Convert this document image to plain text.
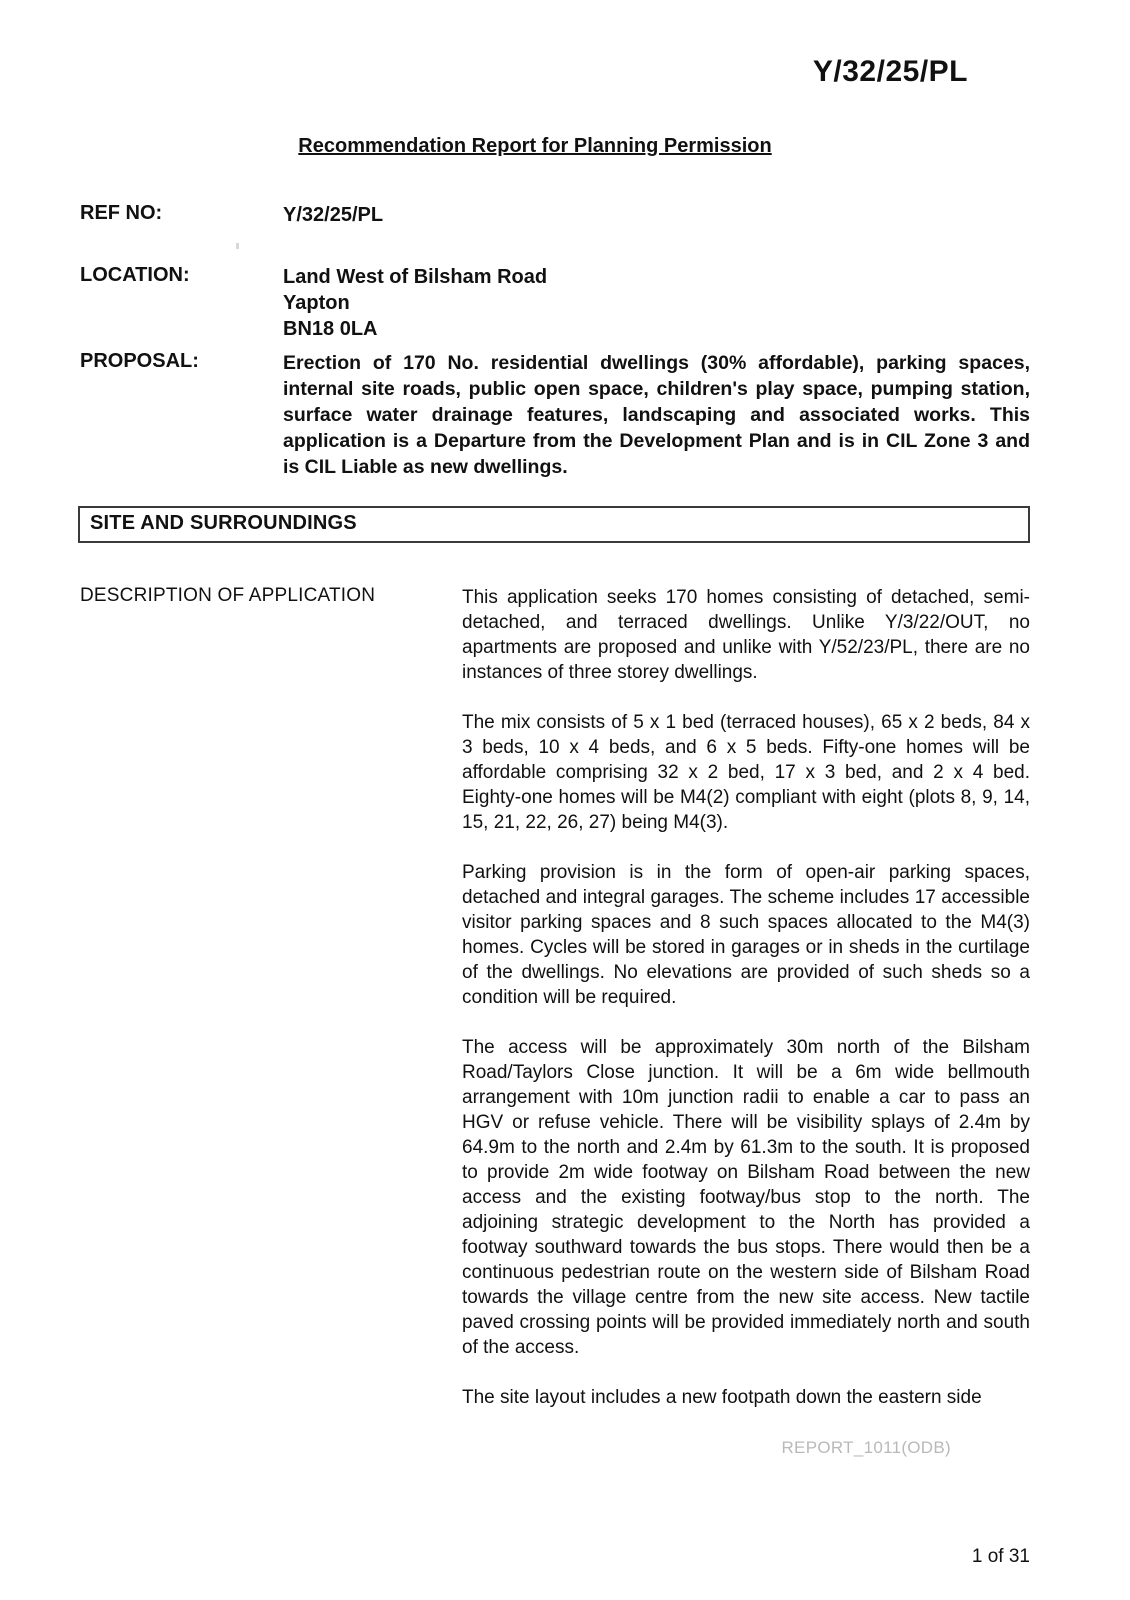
Y/32/25/PL
Recommendation Report for Planning Permission
REF NO:	Y/32/25/PL
LOCATION:	Land West of Bilsham Road
Yapton
BN18 0LA
PROPOSAL:	Erection of 170 No. residential dwellings (30% affordable), parking spaces, internal site roads, public open space, children's play space, pumping station, surface water drainage features, landscaping and associated works. This application is a Departure from the Development Plan and is in CIL Zone 3 and is CIL Liable as new dwellings.
SITE AND SURROUNDINGS
DESCRIPTION OF APPLICATION	This application seeks 170 homes consisting of detached, semi-detached, and terraced dwellings. Unlike Y/3/22/OUT, no apartments are proposed and unlike with Y/52/23/PL, there are no instances of three storey dwellings.

The mix consists of 5 x 1 bed (terraced houses), 65 x 2 beds, 84 x 3 beds, 10 x 4 beds, and 6 x 5 beds. Fifty-one homes will be affordable comprising 32 x 2 bed, 17 x 3 bed, and 2 x 4 bed. Eighty-one homes will be M4(2) compliant with eight (plots 8, 9, 14, 15, 21, 22, 26, 27) being M4(3).

Parking provision is in the form of open-air parking spaces, detached and integral garages. The scheme includes 17 accessible visitor parking spaces and 8 such spaces allocated to the M4(3) homes. Cycles will be stored in garages or in sheds in the curtilage of the dwellings. No elevations are provided of such sheds so a condition will be required.

The access will be approximately 30m north of the Bilsham Road/Taylors Close junction. It will be a 6m wide bellmouth arrangement with 10m junction radii to enable a car to pass an HGV or refuse vehicle. There will be visibility splays of 2.4m by 64.9m to the north and 2.4m by 61.3m to the south. It is proposed to provide 2m wide footway on Bilsham Road between the new access and the existing footway/bus stop to the north. The adjoining strategic development to the North has provided a footway southward towards the bus stops. There would then be a continuous pedestrian route on the western side of Bilsham Road towards the village centre from the new site access. New tactile paved crossing points will be provided immediately north and south of the access.

The site layout includes a new footpath down the eastern side

REPORT_1011(ODB)
1 of 31
